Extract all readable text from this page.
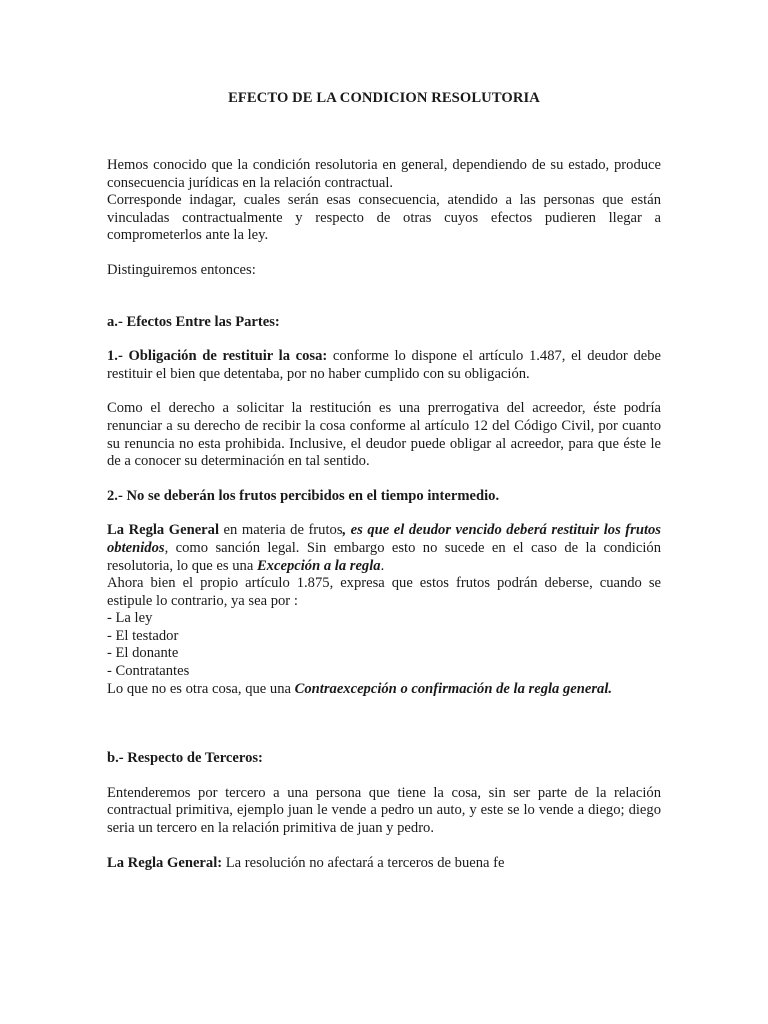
EFECTO DE LA CONDICION RESOLUTORIA

Hemos conocido que la condición resolutoria en general, dependiendo de su estado, produce consecuencia jurídicas en la relación contractual.

Corresponde indagar, cuales serán esas consecuencia, atendido a las personas que están vinculadas contractualmente y respecto de otras cuyos efectos pudieren llegar a comprometerlos ante la ley.

Distinguiremos entonces:

a.- Efectos Entre las Partes:

1.- Obligación de restituir la cosa: conforme lo dispone el artículo 1.487, el deudor debe restituir el bien que detentaba, por no haber cumplido con su obligación.

Como el derecho a solicitar la restitución es una prerrogativa del acreedor, éste podría renunciar a su derecho de recibir la cosa conforme al artículo 12 del Código Civil, por cuanto su renuncia no esta prohibida. Inclusive, el deudor puede obligar al acreedor, para que éste le de a conocer su determinación en tal sentido.

2.- No se deberán los frutos percibidos en el tiempo intermedio.

La Regla General en materia de frutos, es que el deudor vencido deberá restituir los frutos obtenidos, como sanción legal. Sin embargo esto no sucede en el caso de la condición resolutoria, lo que es una Excepción a la regla.

Ahora bien el propio artículo 1.875, expresa que estos frutos podrán deberse, cuando se estipule lo contrario, ya sea por :

- La ley
- El testador
- El donante
- Contratantes

Lo que no es otra cosa, que una Contraexcepción o confirmación de la regla general.

b.- Respecto de Terceros:

Entenderemos por tercero a una persona que tiene la cosa, sin ser parte de la relación contractual primitiva, ejemplo juan le vende a pedro un auto, y este se lo vende a diego; diego seria un tercero en la relación primitiva de juan y pedro.

La Regla General: La resolución no afectará a terceros de buena fe
